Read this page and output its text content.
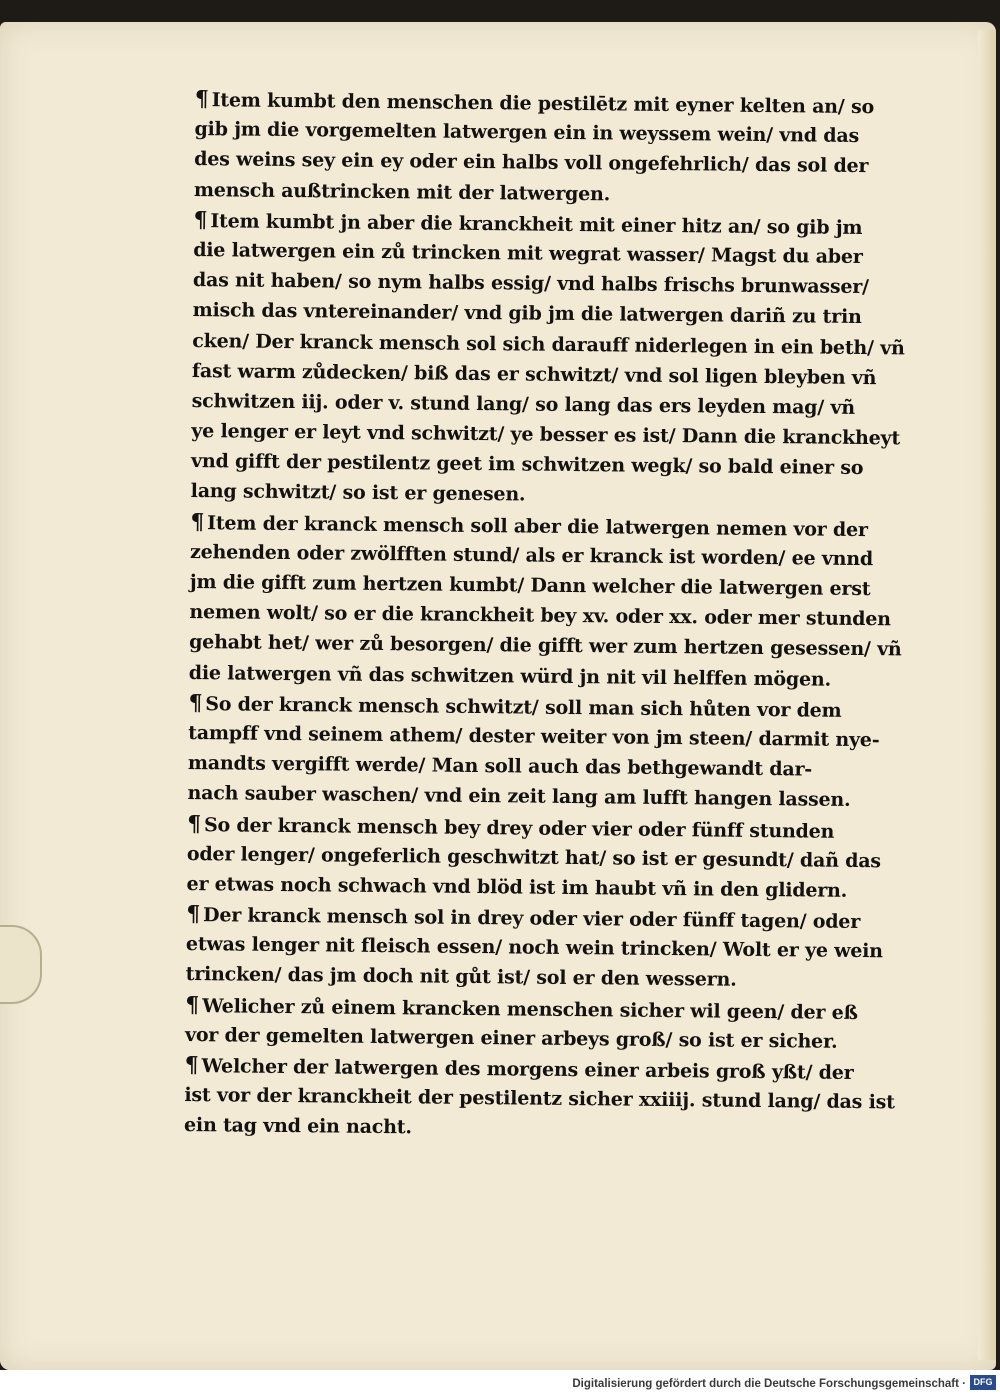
¶ Item kumbt den menschen die pestilētz mit eyner kelten an/ so
gib jm die vorgemelten latwergen ein in weyssem wein/ vnd das
des weins sey ein ey oder ein halbs voll ongefehrlich/ das sol der
mensch außtrincken mit der latwergen.
¶ Item kumbt jn aber die kranckheit mit einer hitz an/ so gib jm
die latwergen ein zů trincken mit wegrat wasser/ Magst du aber
das nit haben/ so nym halbs essig/ vnd halbs frischs brunwasser/
misch das vntereinander/ vnd gib jm die latwergen dariñ zu trin
cken/ Der kranck mensch sol sich darauff niderlegen in ein beth/ vñ
fast warm zůdecken/ biß das er schwitzt/ vnd sol ligen bleyben vñ
schwitzen iij. oder v. stund lang/ so lang das ers leyden mag/ vñ
ye lenger er leyt vnd schwitzt/ ye besser es ist/ Dann die kranckheyt
vnd gifft der pestilentz geet im schwitzen wegk/ so bald einer so
lang schwitzt/ so ist er genesen.
¶ Item der kranck mensch soll aber die latwergen nemen vor der
zehenden oder zwölfften stund/ als er kranck ist worden/ ee vnnd
jm die gifft zum hertzen kumbt/ Dann welcher die latwergen erst
nemen wolt/ so er die kranckheit bey xv. oder xx. oder mer stunden
gehabt het/ wer zů besorgen/ die gifft wer zum hertzen gesessen/ vñ
die latwergen vñ das schwitzen würd jn nit vil helffen mögen.
¶ So der kranck mensch schwitzt/ soll man sich hůten vor dem
tampff vnd seinem athem/ dester weiter von jm steen/ darmit nye-
mandts vergifft werde/ Man soll auch das bethgewandt dar-
nach sauber waschen/ vnd ein zeit lang am lufft hangen lassen.
¶ So der kranck mensch bey drey oder vier oder fünff stunden
oder lenger/ ongeferlich geschwitzt hat/ so ist er gesundt/ dañ das
er etwas noch schwach vnd blöd ist im haubt vñ in den glidern.
¶ Der kranck mensch sol in drey oder vier oder fünff tagen/ oder
etwas lenger nit fleisch essen/ noch wein trincken/ Wolt er ye wein
trincken/ das jm doch nit gůt ist/ sol er den wessern.
¶ Welicher zů einem krancken menschen sicher wil geen/ der eß
vor der gemelten latwergen einer arbeys groß/ so ist er sicher.
¶ Welcher der latwergen des morgens einer arbeis groß yßt/ der
ist vor der kranckheit der pestilentz sicher xxiiij. stund lang/ das ist
ein tag vnd ein nacht.
Digitalisierung gefördert durch die Deutsche Forschungsgemeinschaft · DFG
